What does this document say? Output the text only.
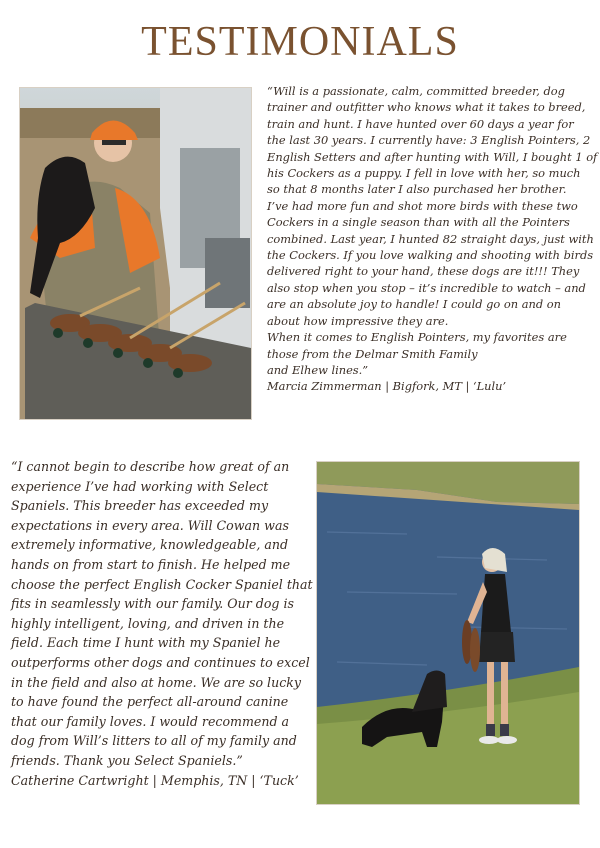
TESTIMONIALS

“Will is a passionate, calm, committed breeder, dog
trainer and outfitter who knows what it takes to breed,
train and hunt. I have hunted over 60 days a year for
the last 30 years. I currently have: 3 English Pointers, 2
English Setters and after hunting with Will, I bought 1 of
his Cockers as a puppy. I fell in love with her, so much
so that 8 months later I also purchased her brother.
I’ve had more fun and shot more birds with these two
Cockers in a single season than with all the Pointers
combined. Last year, I hunted 82 straight days, just with
the Cockers. If you love walking and shooting with birds
delivered right to your hand, these dogs are it!!! They
also stop when you stop – it’s incredible to watch – and
are an absolute joy to handle! I could go on and on
about how impressive they are.
When it comes to English Pointers, my favorites are
those from the Delmar Smith Family
and Elhew lines.”

Marcia Zimmerman | Bigfork, MT | ‘Lulu’

“I cannot begin to describe how great of an
experience I’ve had working with Select
Spaniels. This breeder has exceeded my
expectations in every area. Will Cowan was
extremely informative, knowledgeable, and
hands on from start to finish. He helped me
choose the perfect English Cocker Spaniel that
fits in seamlessly with our family. Our dog is
highly intelligent, loving, and driven in the
field. Each time I hunt with my Spaniel he
outperforms other dogs and continues to excel
in the field and also at home. We are so lucky
to have found the perfect all-around canine
that our family loves. I would recommend a
dog from Will’s litters to all of my family and
friends. Thank you Select Spaniels.”

Catherine Cartwright | Memphis, TN | ‘Tuck’
